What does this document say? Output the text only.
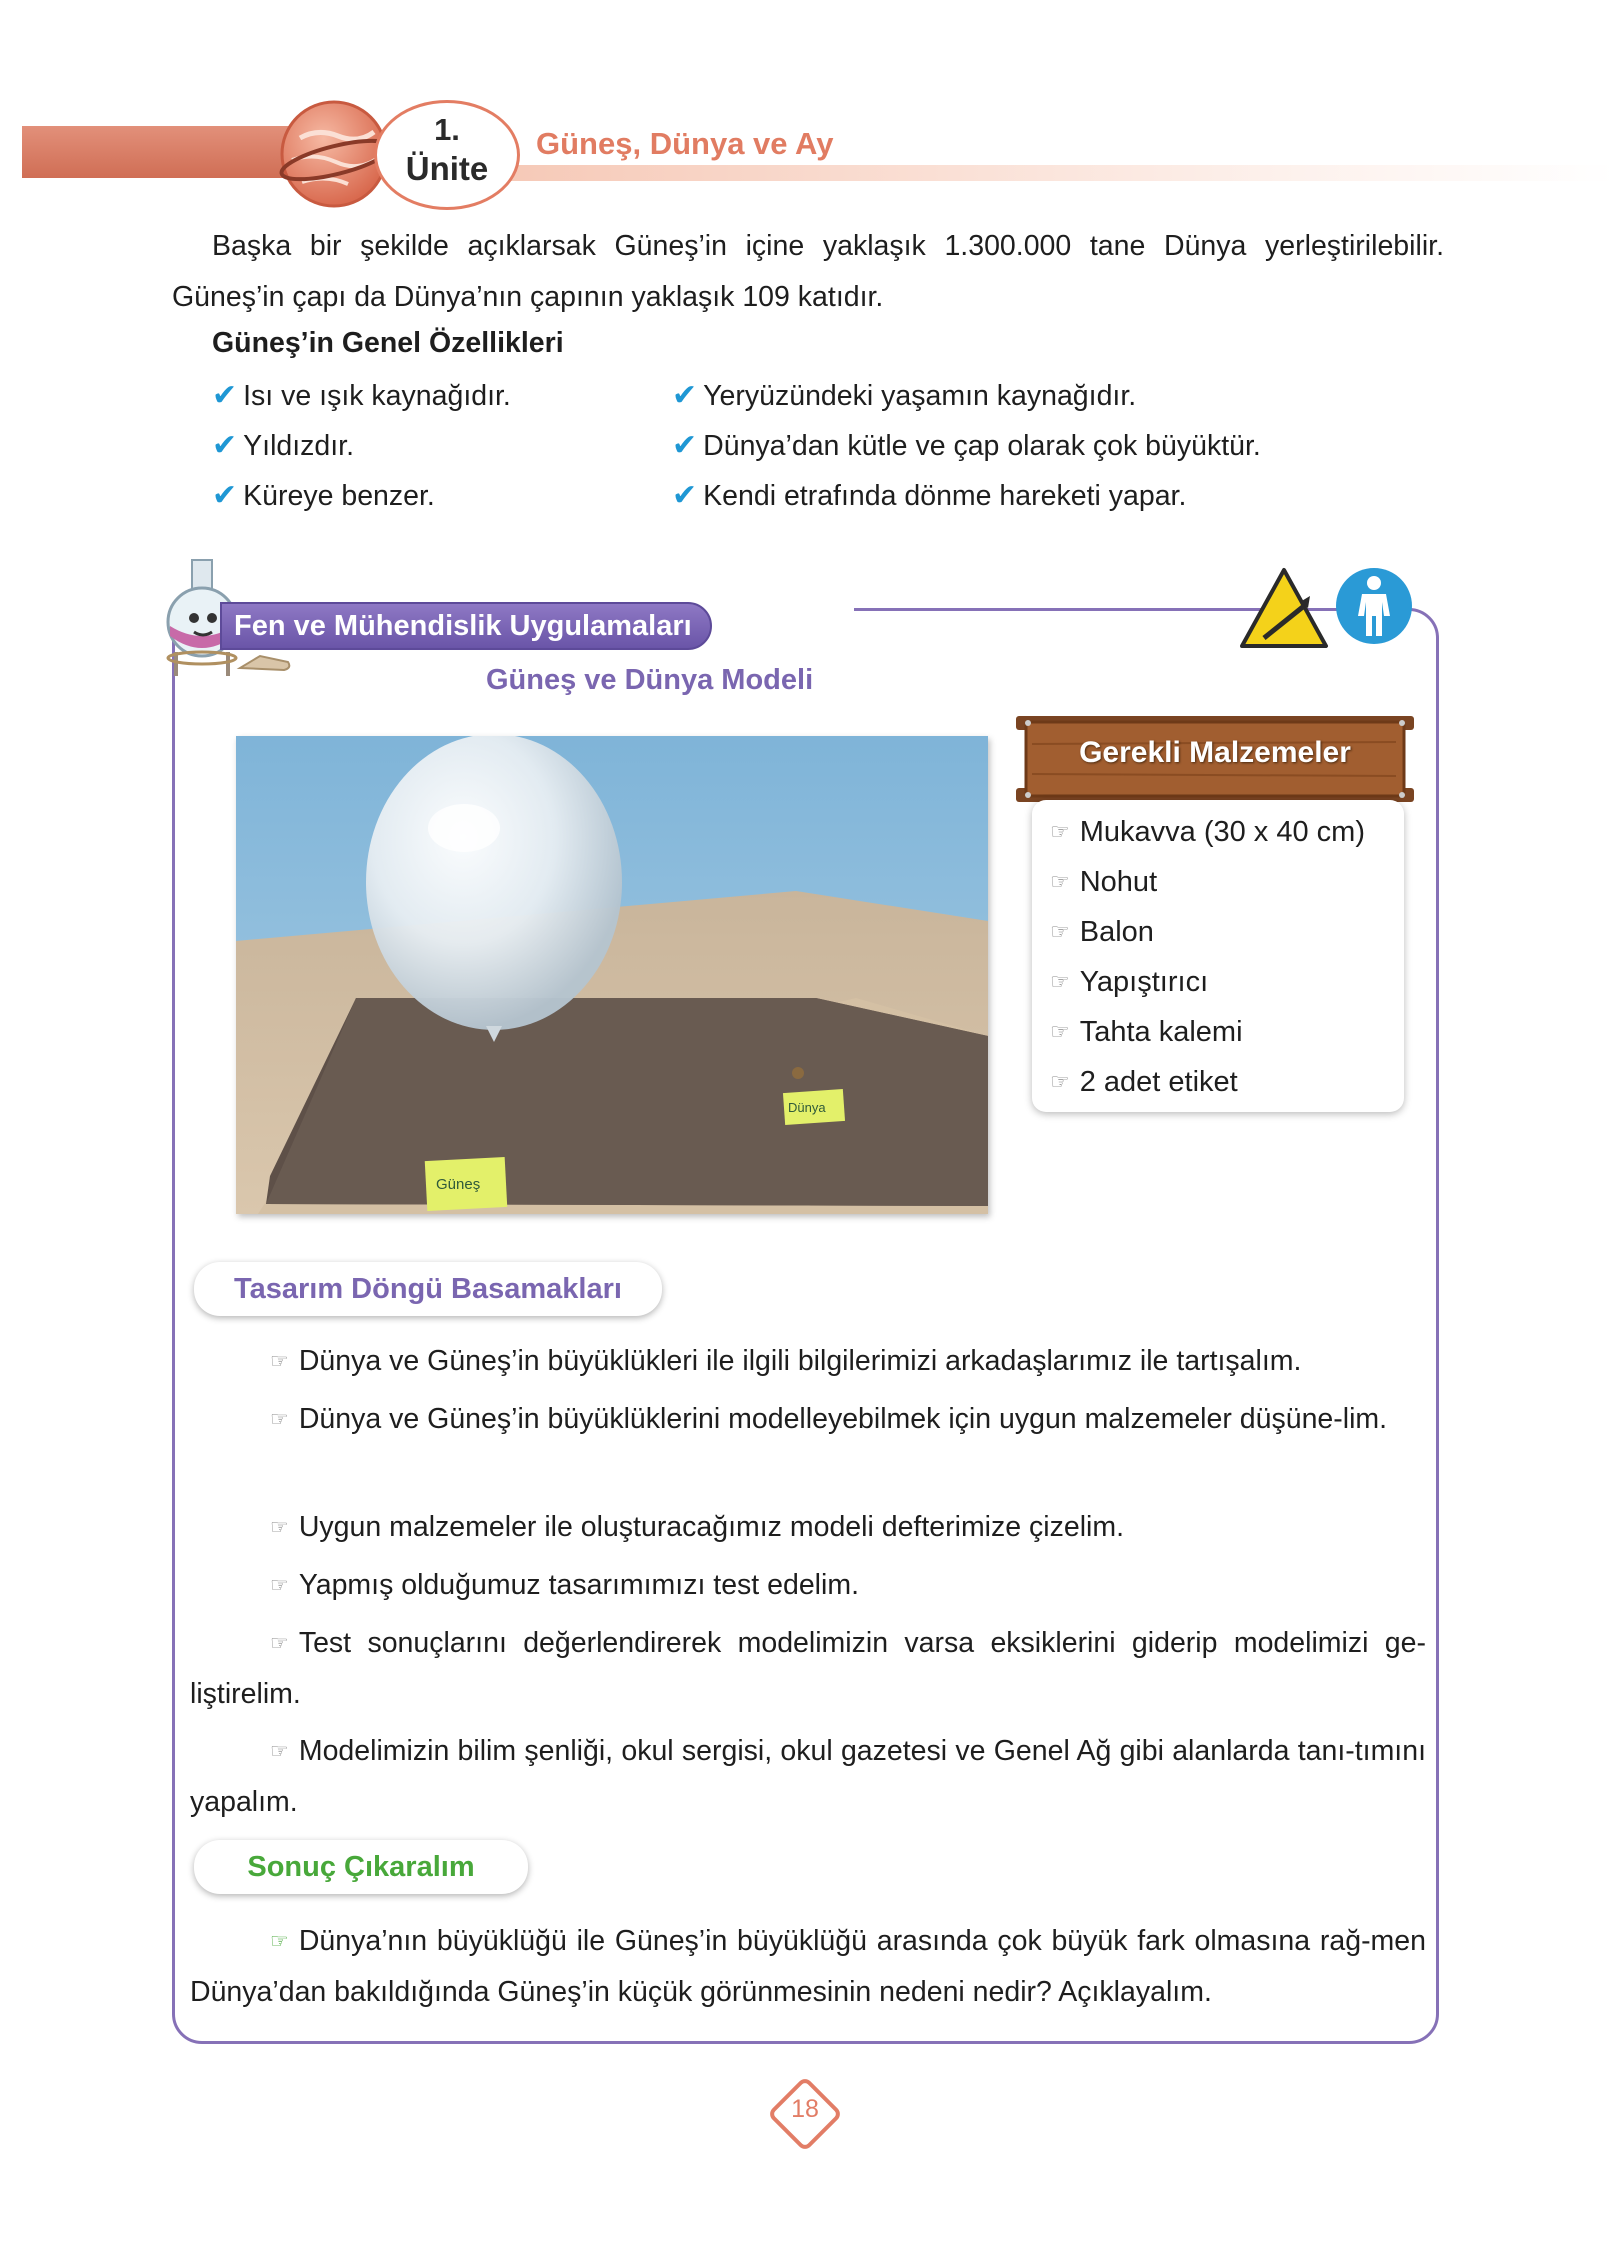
1.
Ünite
Güneş, Dünya ve Ay
Başka bir şekilde açıklarsak Güneş’in içine yaklaşık 1.300.000 tane Dünya yerleştirilebilir. Güneş’in çapı da Dünya’nın çapının yaklaşık 109 katıdır.
Güneş’in Genel Özellikleri
✔ Isı ve ışık kaynağıdır.
✔ Yıldızdır.
✔ Küreye benzer.
✔ Yeryüzündeki yaşamın kaynağıdır.
✔ Dünya’dan kütle ve çap olarak çok büyüktür.
✔ Kendi etrafında dönme hareketi yapar.
Fen ve Mühendislik Uygulamaları
Güneş ve Dünya Modeli
Güneş
Dünya
Gerekli Malzemeler
☞ Mukavva (30 x 40 cm)
☞ Nohut
☞ Balon
☞ Yapıştırıcı
☞ Tahta kalemi
☞ 2 adet etiket
Tasarım Döngü Basamakları
☞ Dünya ve Güneş’in büyüklükleri ile ilgili bilgilerimizi arkadaşlarımız ile tartışalım.
☞ Dünya ve Güneş’in büyüklüklerini modelleyebilmek için uygun malzemeler düşüne-lim.
☞ Uygun malzemeler ile oluşturacağımız modeli defterimize çizelim.
☞ Yapmış olduğumuz tasarımımızı test edelim.
☞ Test sonuçlarını değerlendirerek modelimizin varsa eksiklerini giderip modelimizi ge-liştirelim.
☞ Modelimizin bilim şenliği, okul sergisi, okul gazetesi ve Genel Ağ gibi alanlarda tanı-tımını yapalım.
Sonuç Çıkaralım
☞ Dünya’nın büyüklüğü ile Güneş’in büyüklüğü arasında çok büyük fark olmasına rağ-men Dünya’dan bakıldığında Güneş’in küçük görünmesinin nedeni nedir? Açıklayalım.
18
